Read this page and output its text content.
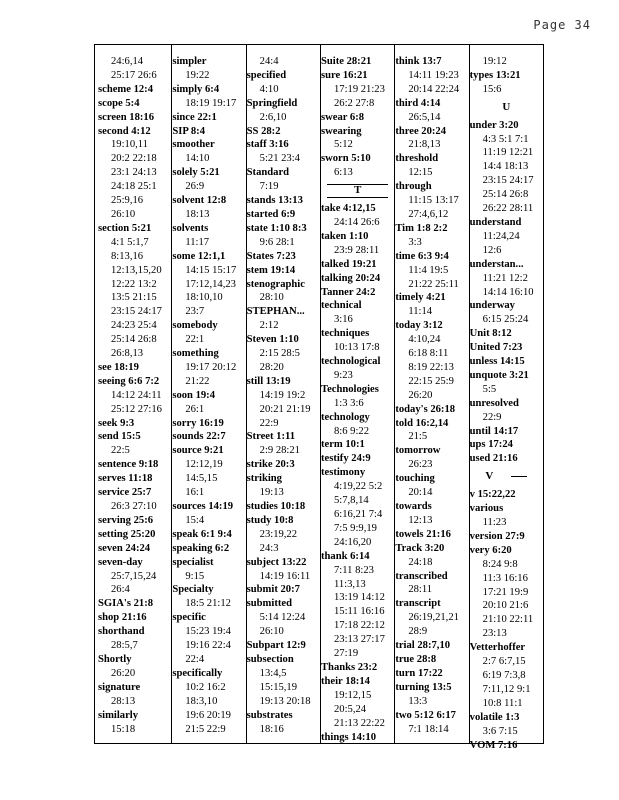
Page 34
24:6,14
25:17 26:6
scheme 12:4
scope 5:4
screen 18:16
second 4:12
19:10,11
20:2 22:18
23:1 24:13
24:18 25:1
25:9,16
26:10
section 5:21
4:1 5:1,7
8:13,16
12:13,15,20
12:22 13:2
13:5 21:15
23:15 24:17
24:23 25:4
25:14 26:8
26:8,13
see 18:19
seeing 6:6 7:2
14:12 24:11
25:12 27:16
seek 9:3
send 15:5
22:5
sentence 9:18
serves 11:18
service 25:7
26:3 27:10
serving 25:6
setting 25:20
seven 24:24
seven-day
25:7,15,24
26:4
SGIA's 21:8
shop 21:16
shorthand
28:5,7
Shortly
26:20
signature
28:13
similarly
15:18
simpler
19:22
simply 6:4
18:19 19:17
since 22:1
SIP 8:4
smoother
14:10
solely 5:21
26:9
solvent 12:8
18:13
solvents
11:17
some 12:1,1
14:15 15:17
17:12,14,23
18:10,10
23:7
somebody
22:1
something
19:17 20:12
21:22
soon 19:4
26:1
sorry 16:19
sounds 22:7
source 9:21
12:12,19
14:5,15
16:1
sources 14:19
15:4
speak 6:1 9:4
speaking 6:2
specialist
9:15
Specialty
18:5 21:12
specific
15:23 19:4
19:16 22:4
22:4
specifically
10:2 16:2
18:3,10
19:6 20:19
21:5 22:9
24:4
specified
4:10
Springfield
2:6,10
SS 28:2
staff 3:16
5:21 23:4
Standard
7:19
stands 13:13
started 6:9
state 1:10 8:3
9:6 28:1
States 7:23
stem 19:14
stenographic
28:10
STEPHAN...
2:12
Steven 1:10
2:15 28:5
28:20
still 13:19
14:19 19:2
20:21 21:19
22:9
Street 1:11
2:9 28:21
strike 20:3
striking
19:13
studies 10:18
study 10:8
23:19,22
24:3
subject 13:22
14:19 16:11
submit 20:7
submitted
5:14 12:24
26:10
Subpart 12:9
subsection
13:4,5
15:15,19
19:13 20:18
substrates
18:16
Suite 28:21
sure 16:21
17:19 21:23
26:2 27:8
swear 6:8
swearing
5:12
sworn 5:10
6:13
T
take 4:12,15
24:14 26:6
taken 1:10
23:9 28:11
talked 19:21
talking 20:24
Tanner 24:2
technical
3:16
techniques
10:13 17:8
technological
9:23
Technologies
1:3 3:6
technology
8:6 9:22
term 10:1
testify 24:9
testimony
4:19,22 5:2
5:7,8,14
6:16,21 7:4
7:5 9:9,19
24:16,20
thank 6:14
7:11 8:23
11:3,13
13:19 14:12
15:11 16:16
17:18 22:12
23:13 27:17
27:19
Thanks 23:2
their 18:14
19:12,15
20:5,24
21:13 22:22
things 14:10
think 13:7
14:11 19:23
20:14 22:24
third 4:14
26:5,14
three 20:24
21:8,13
threshold
12:15
through
11:15 13:17
27:4,6,12
Tim 1:8 2:2
3:3
time 6:3 9:4
11:4 19:5
21:22 25:11
timely 4:21
11:14
today 3:12
4:10,24
6:18 8:11
8:19 22:13
22:15 25:9
26:20
today's 26:18
told 16:2,14
21:5
tomorrow
26:23
touching
20:14
towards
12:13
towels 21:16
Track 3:20
24:18
transcribed
28:11
transcript
26:19,21,21
28:9
trial 28:7,10
true 28:8
turn 17:22
turning 13:5
13:3
two 5:12 6:17
7:1 18:14
19:12
types 13:21
15:6
U
under 3:20
4:3 5:1 7:1
11:19 12:21
14:4 18:13
23:15 24:17
25:14 26:8
26:22 28:11
understand
11:24,24
12:6
understan...
11:21 12:2
14:14 16:10
underway
6:15 25:24
Unit 8:12
United 7:23
unless 14:15
unquote 3:21
5:5
unresolved
22:9
until 14:17
ups 17:24
used 21:16
V
v 15:22,22
various
11:23
version 27:9
very 6:20
8:24 9:8
11:3 16:16
17:21 19:9
20:10 21:6
21:10 22:11
23:13
Vetterhoffer
2:7 6:7,15
6:19 7:3,8
7:11,12 9:1
10:8 11:1
volatile 1:3
3:6 7:15
VOM 7:16
